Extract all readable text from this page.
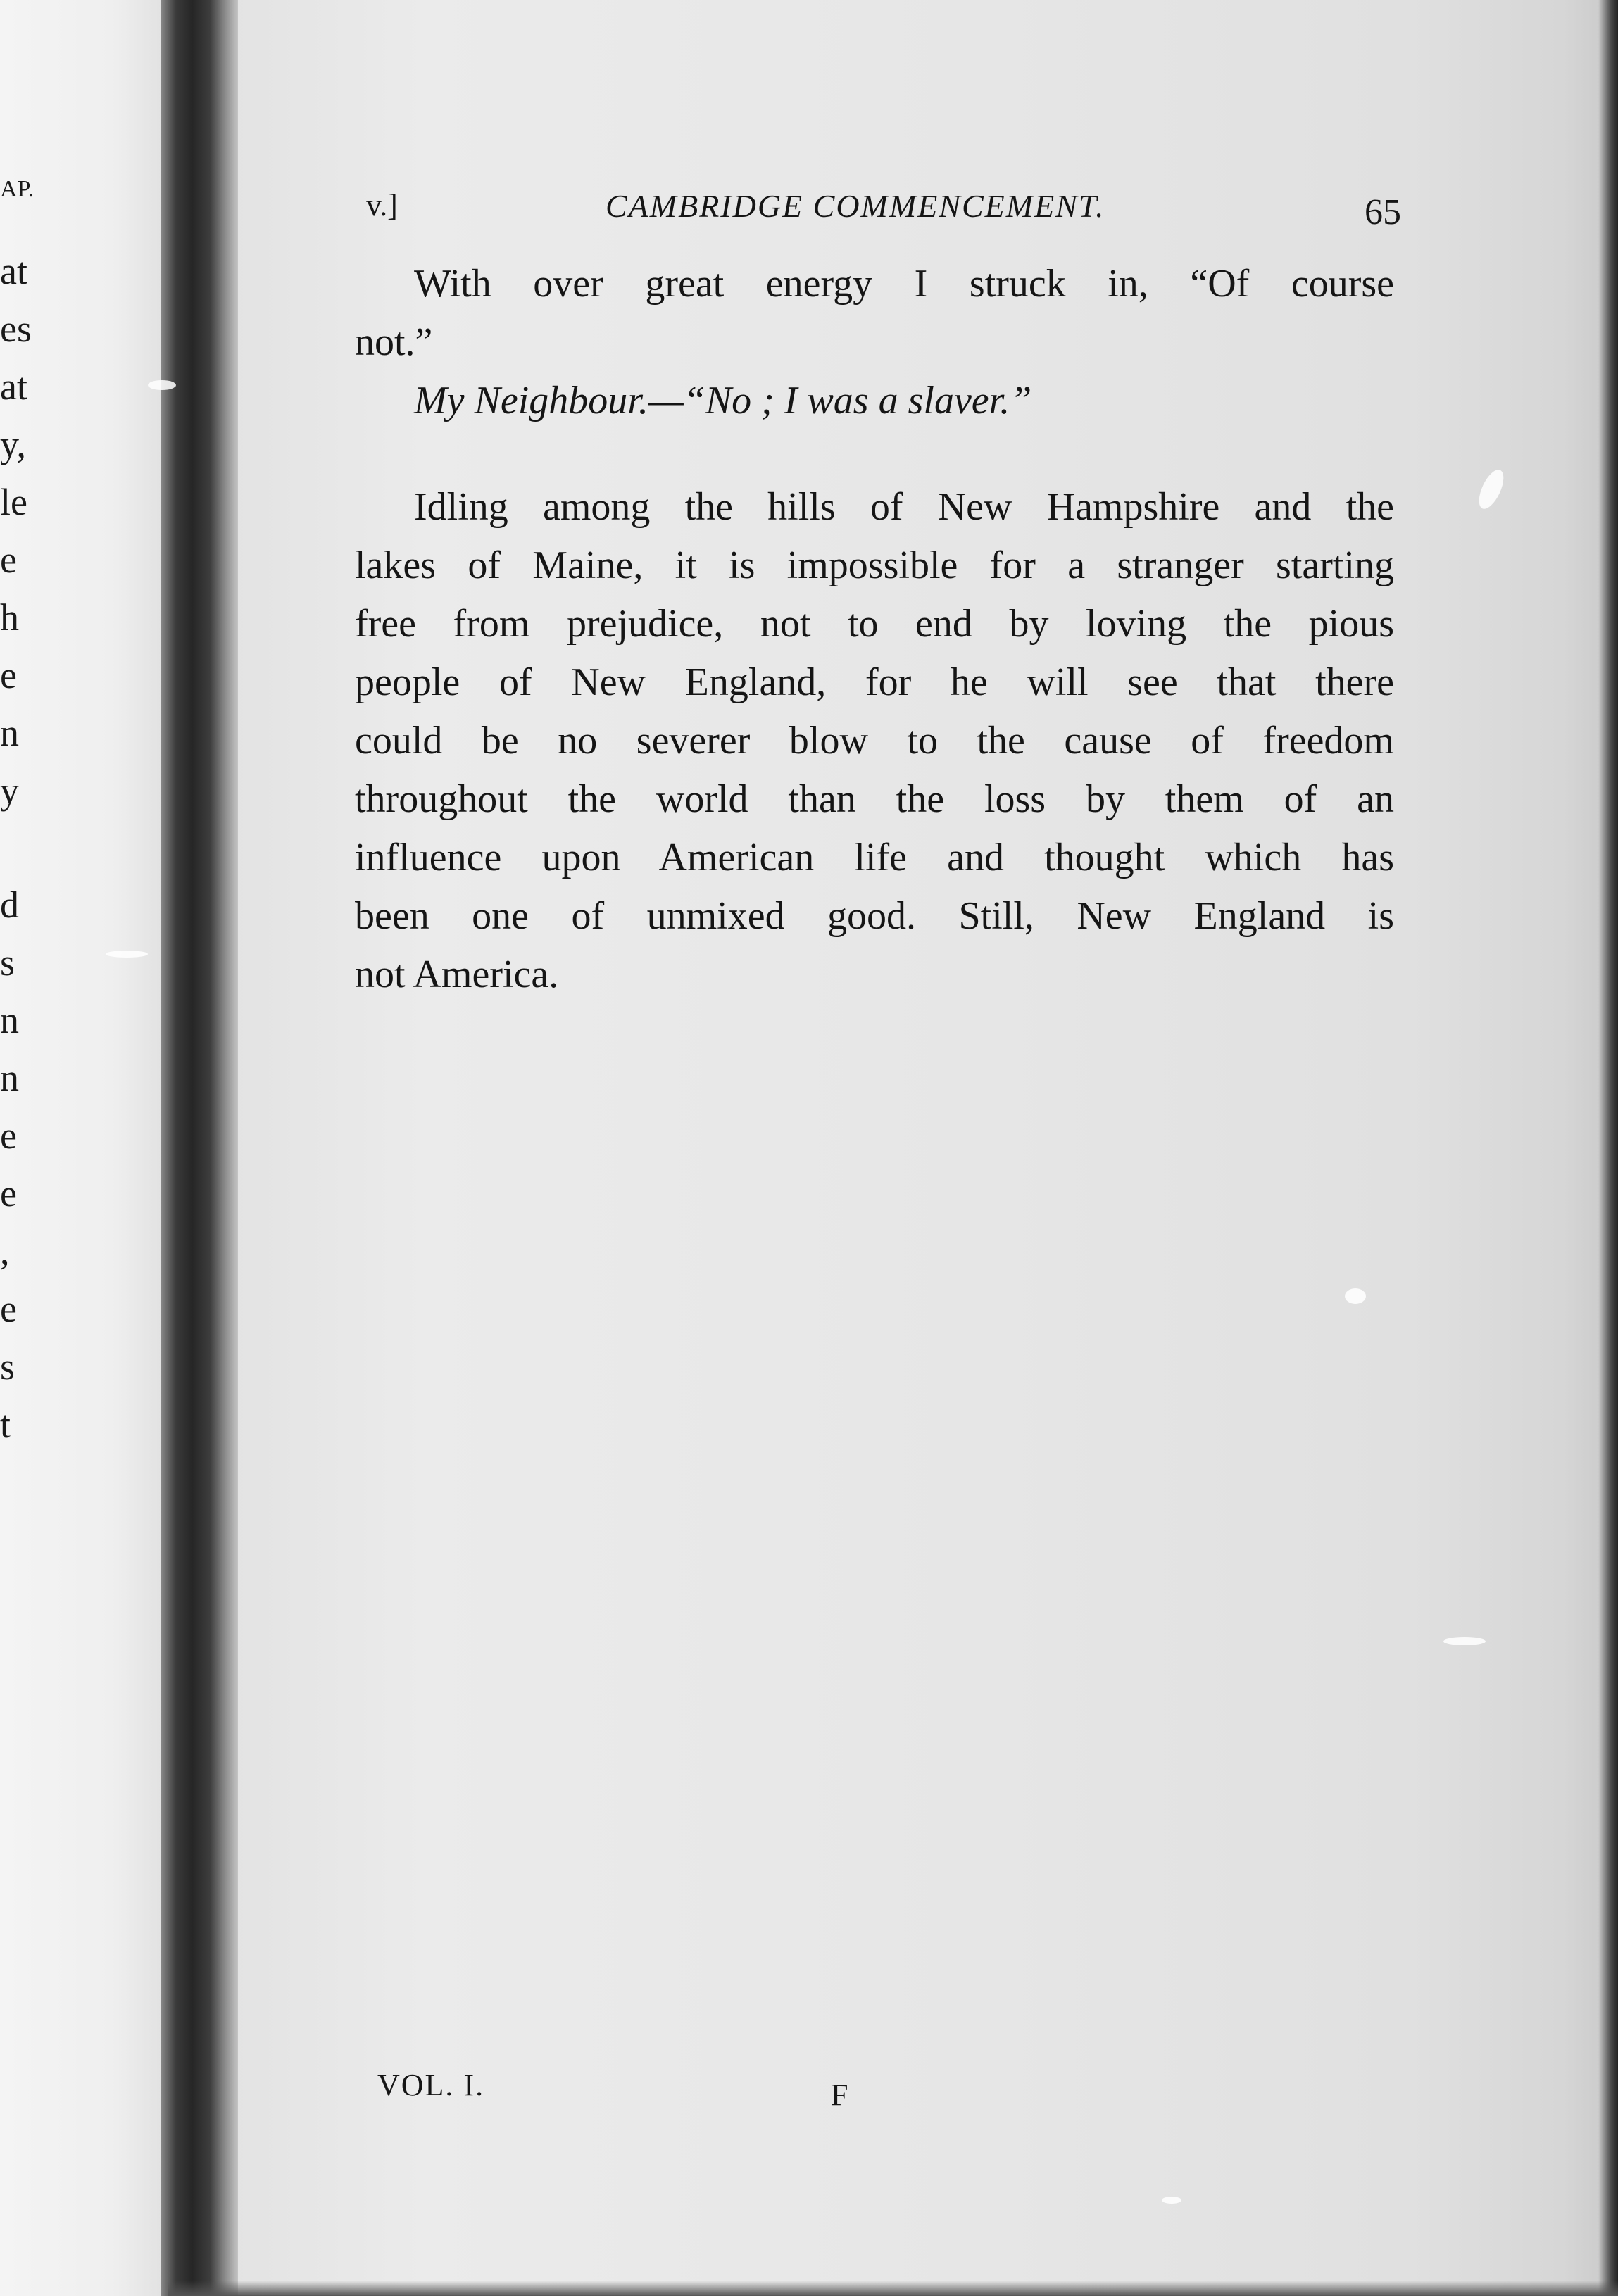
AP.
at
es
at
y,
le
e
h
e
n
y
d
s
n
n
e
e
,
e
s
t
v.]	CAMBRIDGE COMMENCEMENT.	65
With over great energy I struck in, “Of course
not.”
My Neighbour.—“No ; I was a slaver.”
Idling among the hills of New Hampshire and the
lakes of Maine, it is impossible for a stranger starting
free from prejudice, not to end by loving the pious
people of New England, for he will see that there
could be no severer blow to the cause of freedom
throughout the world than the loss by them of an
influence upon American life and thought which has
been one of unmixed good. Still, New England is
not America.
VOL. I.	F
